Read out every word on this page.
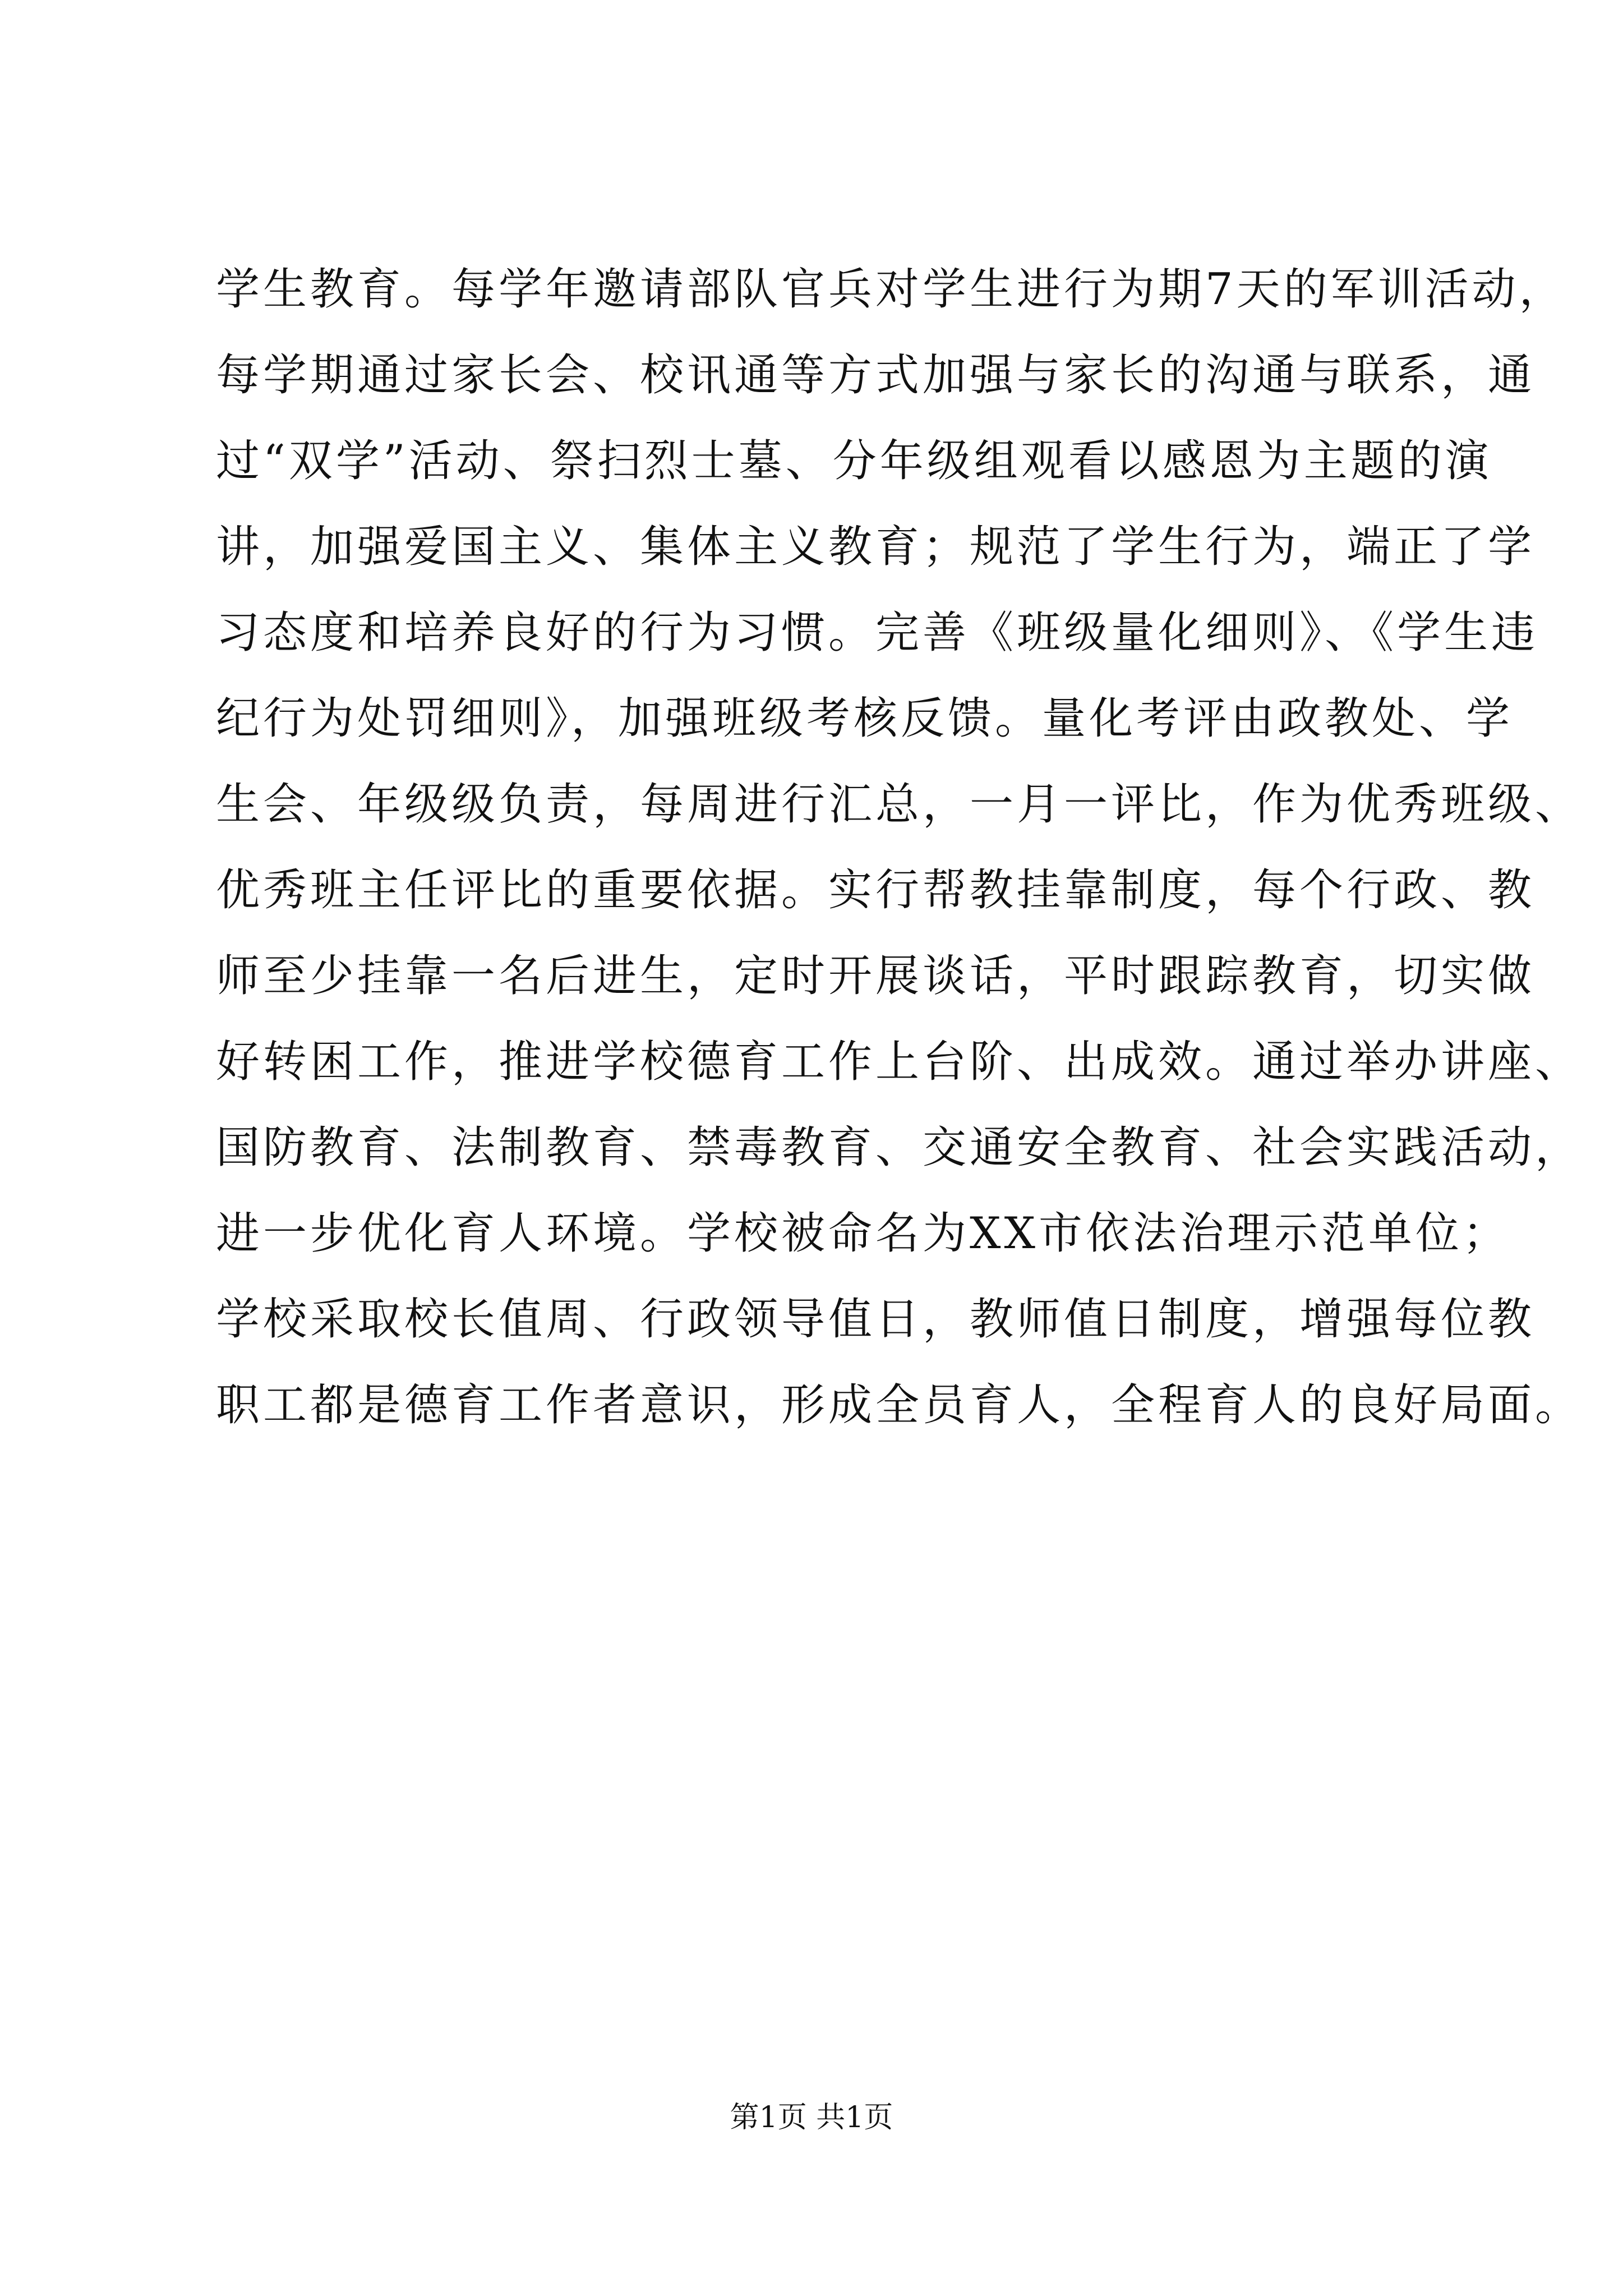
学生教育。每学年邀请部队官兵对学生进行为期7天的军训活动，
每学期通过家长会、校讯通等方式加强与家长的沟通与联系，通
过“双学”活动、祭扫烈士墓、分年级组观看以感恩为主题的演
讲，加强爱国主义、集体主义教育；规范了学生行为，端正了学
习态度和培养良好的行为习惯。完善《班级量化细则》、《学生违
纪行为处罚细则》，加强班级考核反馈。量化考评由政教处、学
生会、年级级负责，每周进行汇总，一月一评比，作为优秀班级、
优秀班主任评比的重要依据。实行帮教挂靠制度，每个行政、教
师至少挂靠一名后进生，定时开展谈话，平时跟踪教育，切实做
好转困工作，推进学校德育工作上台阶、出成效。通过举办讲座、
国防教育、法制教育、禁毒教育、交通安全教育、社会实践活动，
进一步优化育人环境。学校被命名为XX市依法治理示范单位；
学校采取校长值周、行政领导值日，教师值日制度，增强每位教
职工都是德育工作者意识，形成全员育人，全程育人的良好局面。
第1页 共1页
